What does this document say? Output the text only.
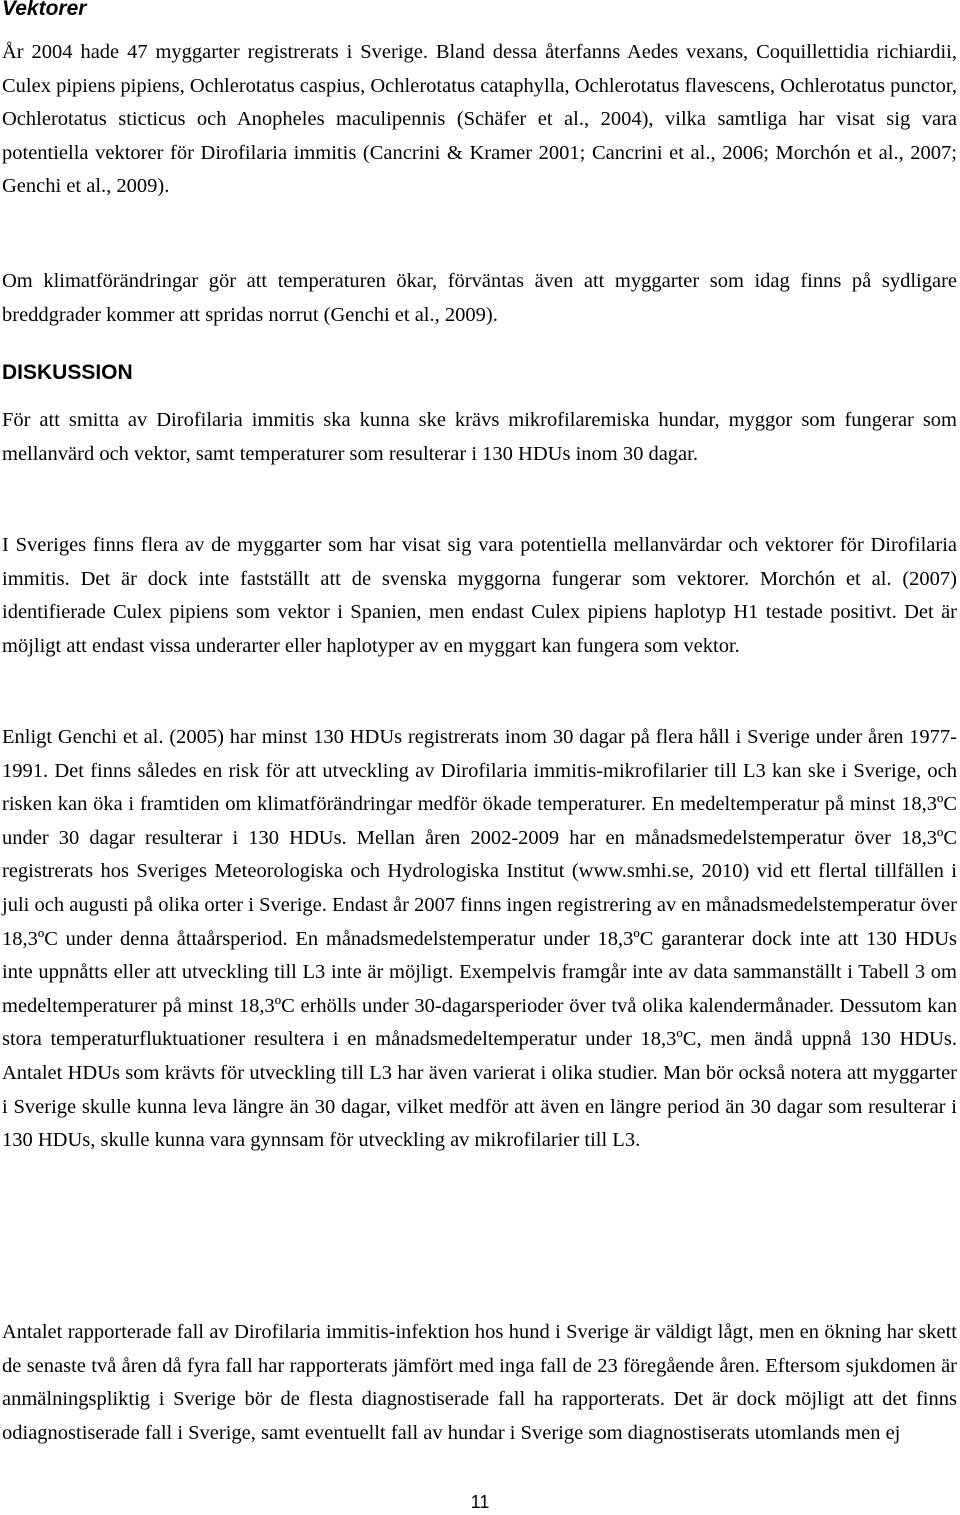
Vektorer

År 2004 hade 47 myggarter registrerats i Sverige. Bland dessa återfanns Aedes vexans, Coquillettidia richiardii, Culex pipiens pipiens, Ochlerotatus caspius, Ochlerotatus cataphylla, Ochlerotatus flavescens, Ochlerotatus punctor, Ochlerotatus sticticus och Anopheles maculipennis (Schäfer et al., 2004), vilka samtliga har visat sig vara potentiella vektorer för Dirofilaria immitis (Cancrini & Kramer 2001; Cancrini et al., 2006; Morchón et al., 2007; Genchi et al., 2009).

Om klimatförändringar gör att temperaturen ökar, förväntas även att myggarter som idag finns på sydligare breddgrader kommer att spridas norrut (Genchi et al., 2009).

DISKUSSION

För att smitta av Dirofilaria immitis ska kunna ske krävs mikrofilaremiska hundar, myggor som fungerar som mellanvärd och vektor, samt temperaturer som resulterar i 130 HDUs inom 30 dagar.

I Sveriges finns flera av de myggarter som har visat sig vara potentiella mellanvärdar och vektorer för Dirofilaria immitis. Det är dock inte fastställt att de svenska myggorna fungerar som vektorer. Morchón et al. (2007) identifierade Culex pipiens som vektor i Spanien, men endast Culex pipiens haplotyp H1 testade positivt. Det är möjligt att endast vissa underarter eller haplotyper av en myggart kan fungera som vektor.

Enligt Genchi et al. (2005) har minst 130 HDUs registrerats inom 30 dagar på flera håll i Sverige under åren 1977-1991. Det finns således en risk för att utveckling av Dirofilaria immitis-mikrofilarier till L3 kan ske i Sverige, och risken kan öka i framtiden om klimatförändringar medför ökade temperaturer. En medeltemperatur på minst 18,3ºC under 30 dagar resulterar i 130 HDUs. Mellan åren 2002-2009 har en månadsmedelstemperatur över 18,3ºC registrerats hos Sveriges Meteorologiska och Hydrologiska Institut (www.smhi.se, 2010) vid ett flertal tillfällen i juli och augusti på olika orter i Sverige. Endast år 2007 finns ingen registrering av en månadsmedelstemperatur över 18,3ºC under denna åttaårsperiod. En månadsmedelstemperatur under 18,3ºC garanterar dock inte att 130 HDUs inte uppnåtts eller att utveckling till L3 inte är möjligt. Exempelvis framgår inte av data sammanställt i Tabell 3 om medeltemperaturer på minst 18,3ºC erhölls under 30-dagarsperioder över två olika kalendermånader. Dessutom kan stora temperaturfluktuationer resultera i en månadsmedeltemperatur under 18,3ºC, men ändå uppnå 130 HDUs. Antalet HDUs som krävts för utveckling till L3 har även varierat i olika studier. Man bör också notera att myggarter i Sverige skulle kunna leva längre än 30 dagar, vilket medför att även en längre period än 30 dagar som resulterar i 130 HDUs, skulle kunna vara gynnsam för utveckling av mikrofilarier till L3.

Antalet rapporterade fall av Dirofilaria immitis-infektion hos hund i Sverige är väldigt lågt, men en ökning har skett de senaste två åren då fyra fall har rapporterats jämfört med inga fall de 23 föregående åren. Eftersom sjukdomen är anmälningspliktig i Sverige bör de flesta diagnostiserade fall ha rapporterats. Det är dock möjligt att det finns odiagnostiserade fall i Sverige, samt eventuellt fall av hundar i Sverige som diagnostiserats utomlands men ej

11
